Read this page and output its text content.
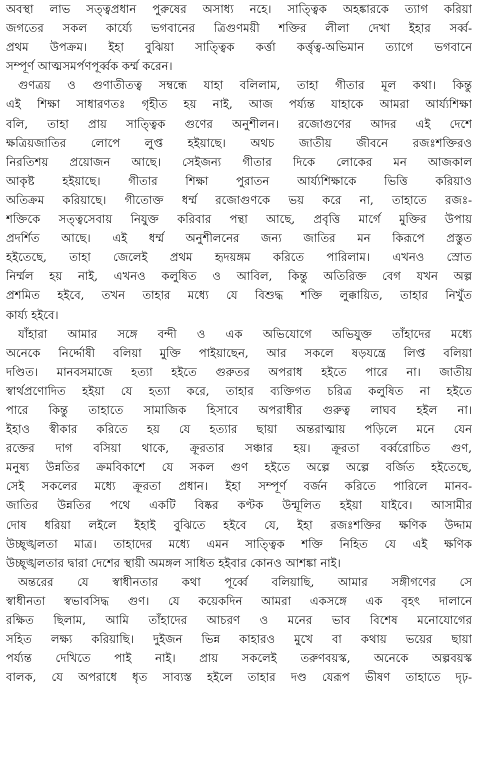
অবস্থা লাভ সত্ত্বপ্রধান পুরুষের অসাধ্য নহে। সাত্ত্বিক অহঙ্কারকে ত্যাগ করিয়া
জগতের সকল কার্য্যে ভগবানের ত্রিগুণময়ী শক্তির লীলা দেখা ইহার সর্ব্ব-
প্রথম উপক্রম। ইহা বুঝিয়া সাত্ত্বিক কর্ত্তা কর্ত্তৃত্ব-অভিমান ত্যাগে ভগবানে
সম্পূর্ণ আত্মসমর্পণপূর্ব্বক কর্ম্ম করেন।
গুণত্রয় ও গুণাতীতত্ব সম্বন্ধে যাহা বলিলাম, তাহা গীতার মূল কথা। কিন্তু
এই শিক্ষা সাধারণতঃ গৃহীত হয় নাই, আজ পর্য্যন্ত যাহাকে আমরা আর্য্যশিক্ষা
বলি, তাহা প্রায় সাত্ত্বিক গুণের অনুশীলন। রজোগুণের আদর এই দেশে
ক্ষত্রিয়জাতির লোপে লুপ্ত হইয়াছে। অথচ জাতীয় জীবনে রজঃশক্তিরও
নিরতিশয় প্রয়োজন আছে। সেইজন্য গীতার দিকে লোকের মন আজকাল
আকৃষ্ট হইয়াছে। গীতার শিক্ষা পুরাতন আর্য্যশিক্ষাকে ভিত্তি করিয়াও
অতিক্রম করিয়াছে। গীতোক্ত ধর্ম্ম রজোগুণকে ভয় করে না, তাহাতে রজঃ-
শক্তিকে সত্ত্বসেবায় নিযুক্ত করিবার পন্থা আছে, প্রবৃত্তি মার্গে মুক্তির উপায়
প্রদর্শিত আছে। এই ধর্ম্ম অনুশীলনের জন্য জাতির মন কিরূপে প্রস্তুত
হইতেছে, তাহা জেলেই প্রথম হৃদয়ঙ্গম করিতে পারিলাম। এখনও স্রোত
নির্ম্মল হয় নাই, এখনও কলুষিত ও আবিল, কিন্তু অতিরিক্ত বেগ যখন অল্প
প্রশমিত হইবে, তখন তাহার মধ্যে যে বিশুদ্ধ শক্তি লুক্কায়িত, তাহার নিখুঁত
কার্য্য হইবে।
যাঁহারা আমার সঙ্গে বন্দী ও এক অভিযোগে অভিযুক্ত তাঁহাদের মধ্যে
অনেকে নির্দ্দোষী বলিয়া মুক্তি পাইয়াছেন, আর সকলে ষড়যন্ত্রে লিপ্ত বলিয়া
দণ্ডিত। মানবসমাজে হত্যা হইতে গুরুতর অপরাধ হইতে পারে না। জাতীয়
স্বার্থপ্রণোদিত হইয়া যে হত্যা করে, তাহার ব্যক্তিগত চরিত্র কলুষিত না হইতে
পারে কিন্তু তাহাতে সামাজিক হিসাবে অপরাধীর গুরুত্ব লাঘব হইল না।
ইহাও স্বীকার করিতে হয় যে হত্যার ছায়া অন্তরাত্মায় পড়িলে মনে যেন
রক্তের দাগ বসিয়া থাকে, ক্রূরতার সঞ্চার হয়। ক্রূরতা বর্ব্বরোচিত গুণ,
মনুষ্য উন্নতির ক্রমবিকাশে যে সকল গুণ হইতে অল্পে অল্পে বর্জিত হইতেছে,
সেই সকলের মধ্যে ক্রূরতা প্রধান। ইহা সম্পূর্ণ বর্জন করিতে পারিলে মানব-
জাতির উন্নতির পথে একটি বিষ্কর কণ্টক উন্মূলিত হইয়া যাইবে। আসামীর
দোষ ধরিয়া লইলে ইহাই বুঝিতে হইবে যে, ইহা রজঃশক্তির ক্ষণিক উদ্দাম
উচ্ছৃঙ্খলতা মাত্র। তাহাদের মধ্যে এমন সাত্ত্বিক শক্তি নিহিত যে এই ক্ষণিক
উচ্ছৃঙ্খলতার দ্বারা দেশের স্থায়ী অমঙ্গল সাধিত হইবার কোনও আশঙ্কা নাই।
অন্তরের যে স্বাধীনতার কথা পূর্ব্বে বলিয়াছি, আমার সঙ্গীগণের সে
স্বাধীনতা স্বভাবসিদ্ধ গুণ। যে কয়েকদিন আমরা একসঙ্গে এক বৃহৎ দালানে
রক্ষিত ছিলাম, আমি তাঁহাদের আচরণ ও মনের ভাব বিশেষ মনোযোগের
সহিত লক্ষ্য করিয়াছি। দুইজন ভিন্ন কাহারও মুখে বা কথায় ভয়ের ছায়া
পর্য্যন্ত দেখিতে পাই নাই। প্রায় সকলেই তরুণবয়স্ক, অনেকে অল্পবয়স্ক
বালক, যে অপরাধে ধৃত সাব্যস্ত হইলে তাহার দণ্ড যেরূপ ভীষণ তাহাতে দৃঢ়-
